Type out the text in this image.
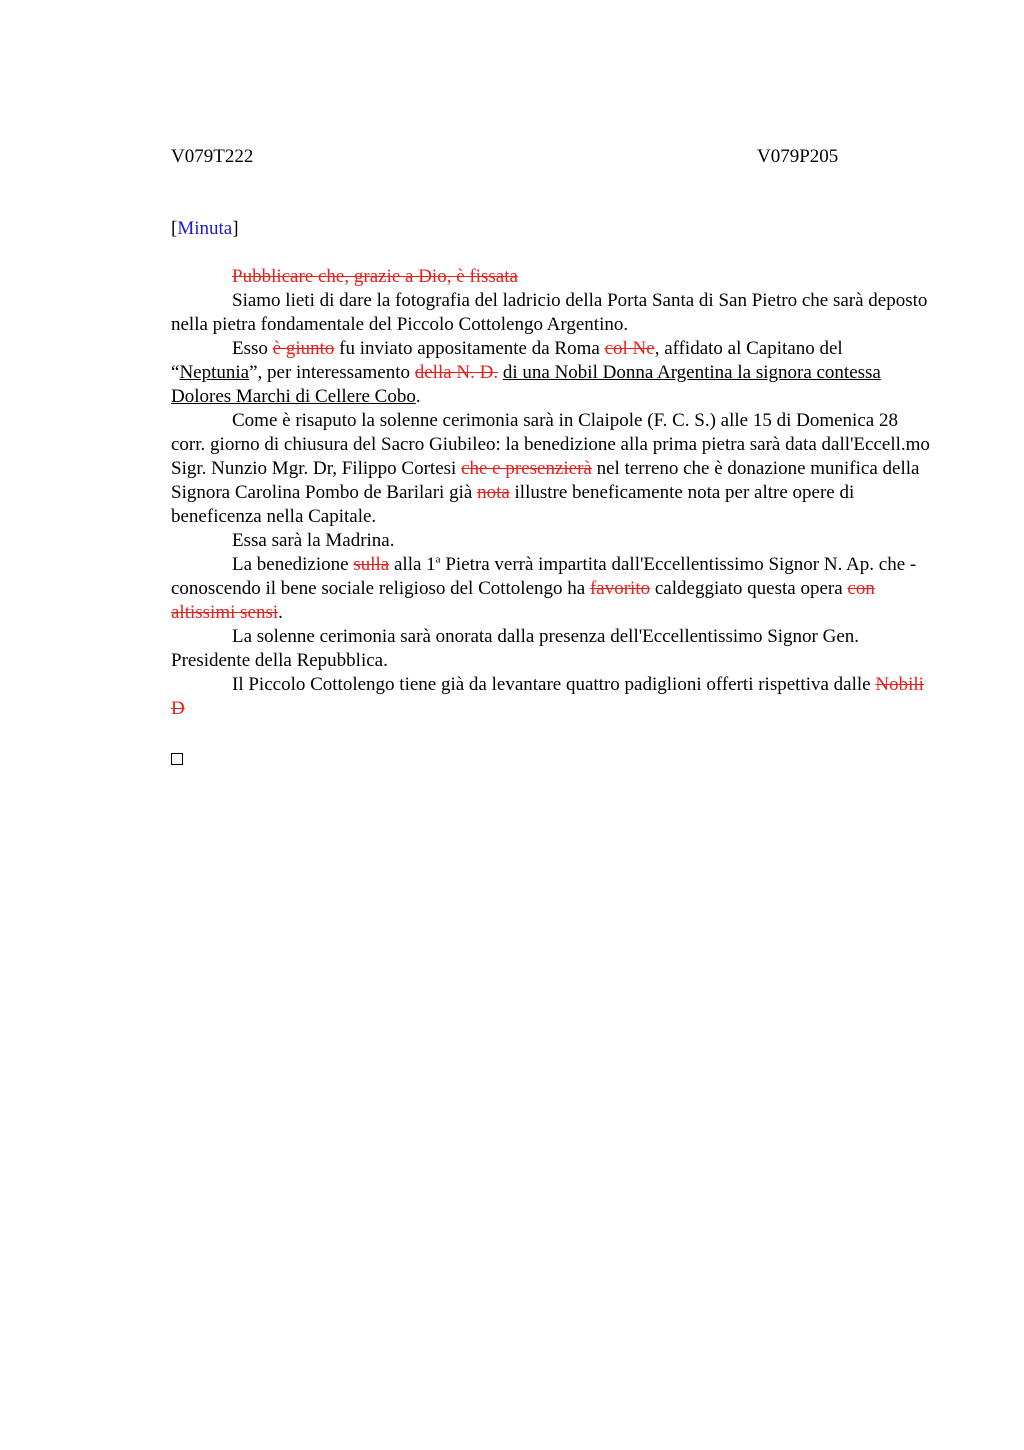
V079T222	V079P205
[Minuta]

Pubblicare che, grazie a Dio, è fissata

Siamo lieti di dare la fotografia del ladricio della Porta Santa di San Pietro che sarà deposto nella pietra fondamentale del Piccolo Cottolengo Argentino.

Esso è giunto fu inviato appositamente da Roma col Ne, affidato al Capitano del “Neptunia”, per interessamento della N. D. di una Nobil Donna Argentina la signora contessa Dolores Marchi di Cellere Cobo.

Come è risaputo la solenne cerimonia sarà in Claipole (F. C. S.) alle 15 di Domenica 28 corr. giorno di chiusura del Sacro Giubileo: la benedizione alla prima pietra sarà data dall'Eccell.mo Sigr. Nunzio Mgr. Dr, Filippo Cortesi che e presenzierà nel terreno che è donazione munifica della Signora Carolina Pombo de Barilari già nota illustre beneficamente nota per altre opere di beneficenza nella Capitale.

Essa sarà la Madrina.

La benedizione sulla alla 1$^a$ Pietra verrà impartita dall'Eccellentissimo Signor N. Ap. che - conoscendo il bene sociale religioso del Cottolengo ha favorito caldeggiato questa opera con altissimi sensi.

La solenne cerimonia sarà onorata dalla presenza dell'Eccellentissimo Signor Gen. Presidente della Repubblica.

Il Piccolo Cottolengo tiene già da levantare quattro padiglioni offerti rispettiva dalle Nobili D
